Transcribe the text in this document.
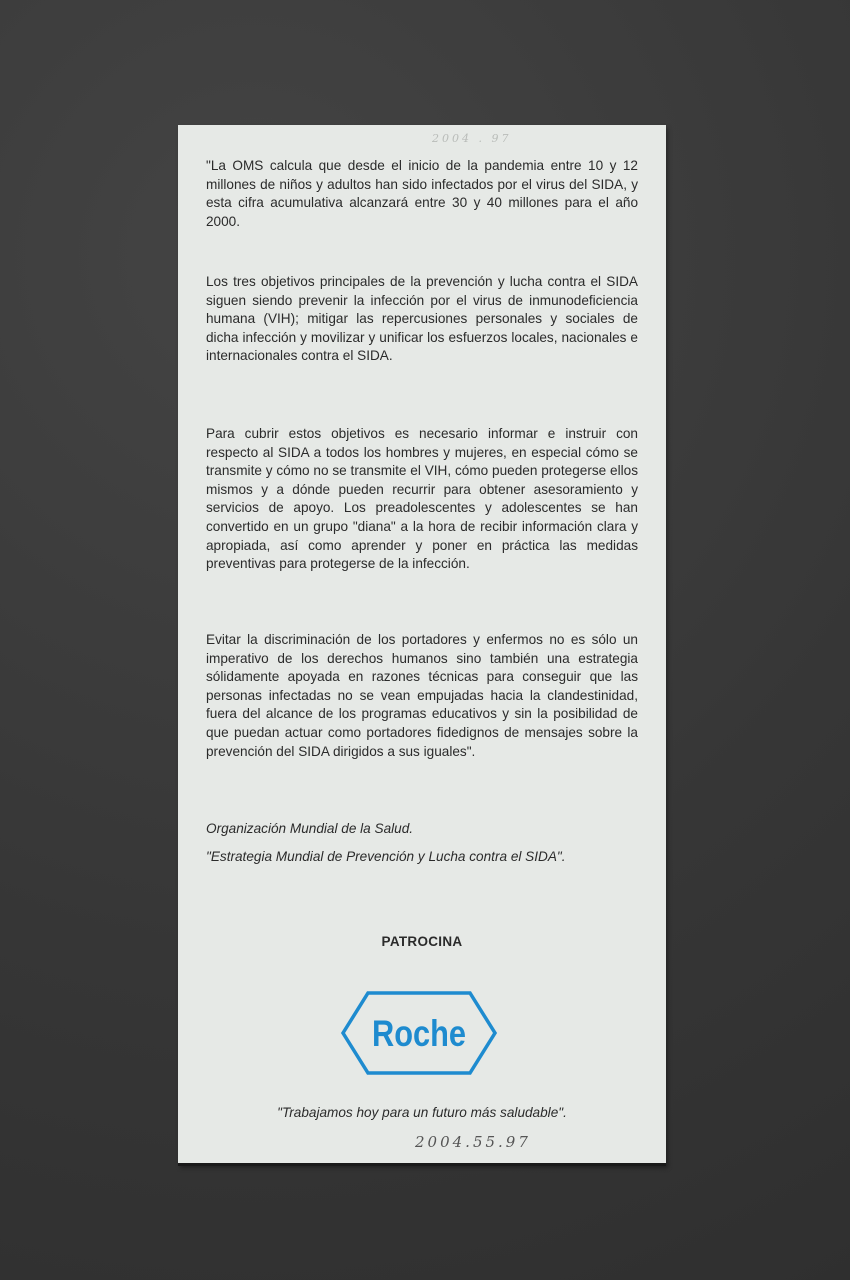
2004 . 97

"La OMS calcula que desde el inicio de la pandemia entre 10 y 12 millones de niños y adultos han sido infectados por el virus del SIDA, y esta cifra acumulativa alcanzará entre 30 y 40 millones para el año 2000.

Los tres objetivos principales de la prevención y lucha contra el SIDA siguen siendo prevenir la infección por el virus de inmunodeficiencia humana (VIH); mitigar las repercusiones personales y sociales de dicha infección y movilizar y unificar los esfuerzos locales, nacionales e internacionales contra el SIDA.

Para cubrir estos objetivos es necesario informar e instruir con respecto al SIDA a todos los hombres y mujeres, en especial cómo se transmite y cómo no se transmite el VIH, cómo pueden protegerse ellos mismos y a dónde pueden recurrir para obtener asesoramiento y servicios de apoyo. Los preadolescentes y adolescentes se han convertido en un grupo "diana" a la hora de recibir información clara y apropiada, así como aprender y poner en práctica las medidas preventivas para protegerse de la infección.

Evitar la discriminación de los portadores y enfermos no es sólo un imperativo de los derechos humanos sino también una estrategia sólidamente apoyada en razones técnicas para conseguir que las personas infectadas no se vean empujadas hacia la clandestinidad, fuera del alcance de los programas educativos y sin la posibilidad de que puedan actuar como portadores fidedignos de mensajes sobre la prevención del SIDA dirigidos a sus iguales".

Organización Mundial de la Salud.

"Estrategia Mundial de Prevención y Lucha contra el SIDA".

PATROCINA
Roche
"Trabajamos hoy para un futuro más saludable".
2004.55.97
